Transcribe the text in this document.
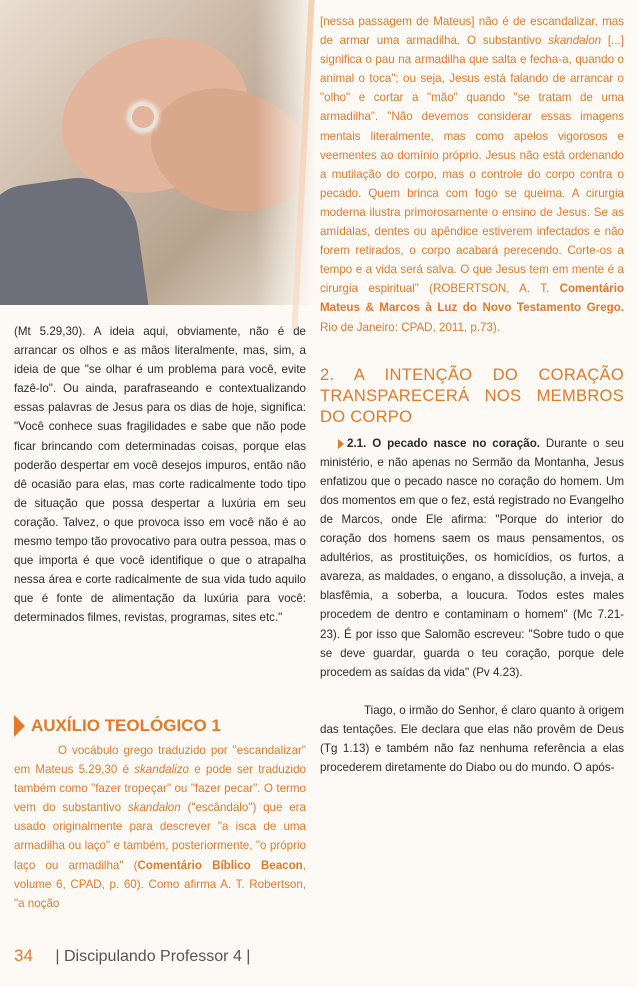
(Mt 5.29,30). A ideia aqui, obviamente, não é de arrancar os olhos e as mãos literalmente, mas, sim, a ideia de que "se olhar é um problema para você, evite fazê-lo". Ou ainda, parafraseando e contextualizando essas palavras de Jesus para os dias de hoje, significa: "Você conhece suas fragilidades e sabe que não pode ficar brincando com determinadas coisas, porque elas poderão despertar em você desejos impuros, então não dê ocasião para elas, mas corte radicalmente todo tipo de situação que possa despertar a luxúria em seu coração. Talvez, o que provoca isso em você não é ao mesmo tempo tão provocativo para outra pessoa, mas o que importa é que você identifique o que o atrapalha nessa área e corte radicalmente de sua vida tudo aquilo que é fonte de alimentação da luxúria para você: determinados filmes, revistas, programas, sites etc."

AUXÍLIO TEOLÓGICO 1

O vocábulo grego traduzido por "escandalizar" em Mateus 5.29,30 é skandalizo e pode ser traduzido também como "fazer tropeçar" ou "fazer pecar". O termo vem do substantivo skandalon ("escândalo") que era usado originalmente para descrever "a isca de uma armadilha ou laço" e também, posteriormente, "o próprio laço ou armadilha" (Comentário Bíblico Beacon, volume 6, CPAD, p. 60). Como afirma A. T. Robertson, "a noção

[nessa passagem de Mateus] não é de escandalizar, mas de armar uma armadilha. O substantivo skandalon [...] significa o pau na armadilha que salta e fecha-a, quando o animal o toca"; ou seja, Jesus está falando de arrancar o "olho" e cortar a "mão" quando "se tratam de uma armadilha". "Não devemos considerar essas imagens mentais literalmente, mas como apelos vigorosos e veementes ao domínio próprio. Jesus não está ordenando a mutilação do corpo, mas o controle do corpo contra o pecado. Quem brinca com fogo se queima. A cirurgia moderna ilustra primorosamente o ensino de Jesus. Se as amídalas, dentes ou apêndice estiverem infectados e não forem retirados, o corpo acabará perecendo. Corte-os a tempo e a vida será salva. O que Jesus tem em mente é a cirurgia espiritual" (ROBERTSON, A. T. Comentário Mateus & Marcos à Luz do Novo Testamento Grego. Rio de Janeiro: CPAD, 2011, p.73).

2. A INTENÇÃO DO CORAÇÃO TRANSPARECERÁ NOS MEMBROS DO CORPO

2.1. O pecado nasce no coração. Durante o seu ministério, e não apenas no Sermão da Montanha, Jesus enfatizou que o pecado nasce no coração do homem. Um dos momentos em que o fez, está registrado no Evangelho de Marcos, onde Ele afirma: "Porque do interior do coração dos homens saem os maus pensamentos, os adultérios, as prostituições, os homicídios, os furtos, a avareza, as maldades, o engano, a dissolução, a inveja, a blasfêmia, a soberba, a loucura. Todos estes males procedem de dentro e contaminam o homem" (Mc 7.21-23). É por isso que Salomão escreveu: "Sobre tudo o que se deve guardar, guarda o teu coração, porque dele procedem as saídas da vida" (Pv 4.23).

Tiago, o irmão do Senhor, é claro quanto à origem das tentações. Ele declara que elas não provêm de Deus (Tg 1.13) e também não faz nenhuma referência a elas procederem diretamente do Diabo ou do mundo. O após-

34 | Discipulando Professor 4 |
